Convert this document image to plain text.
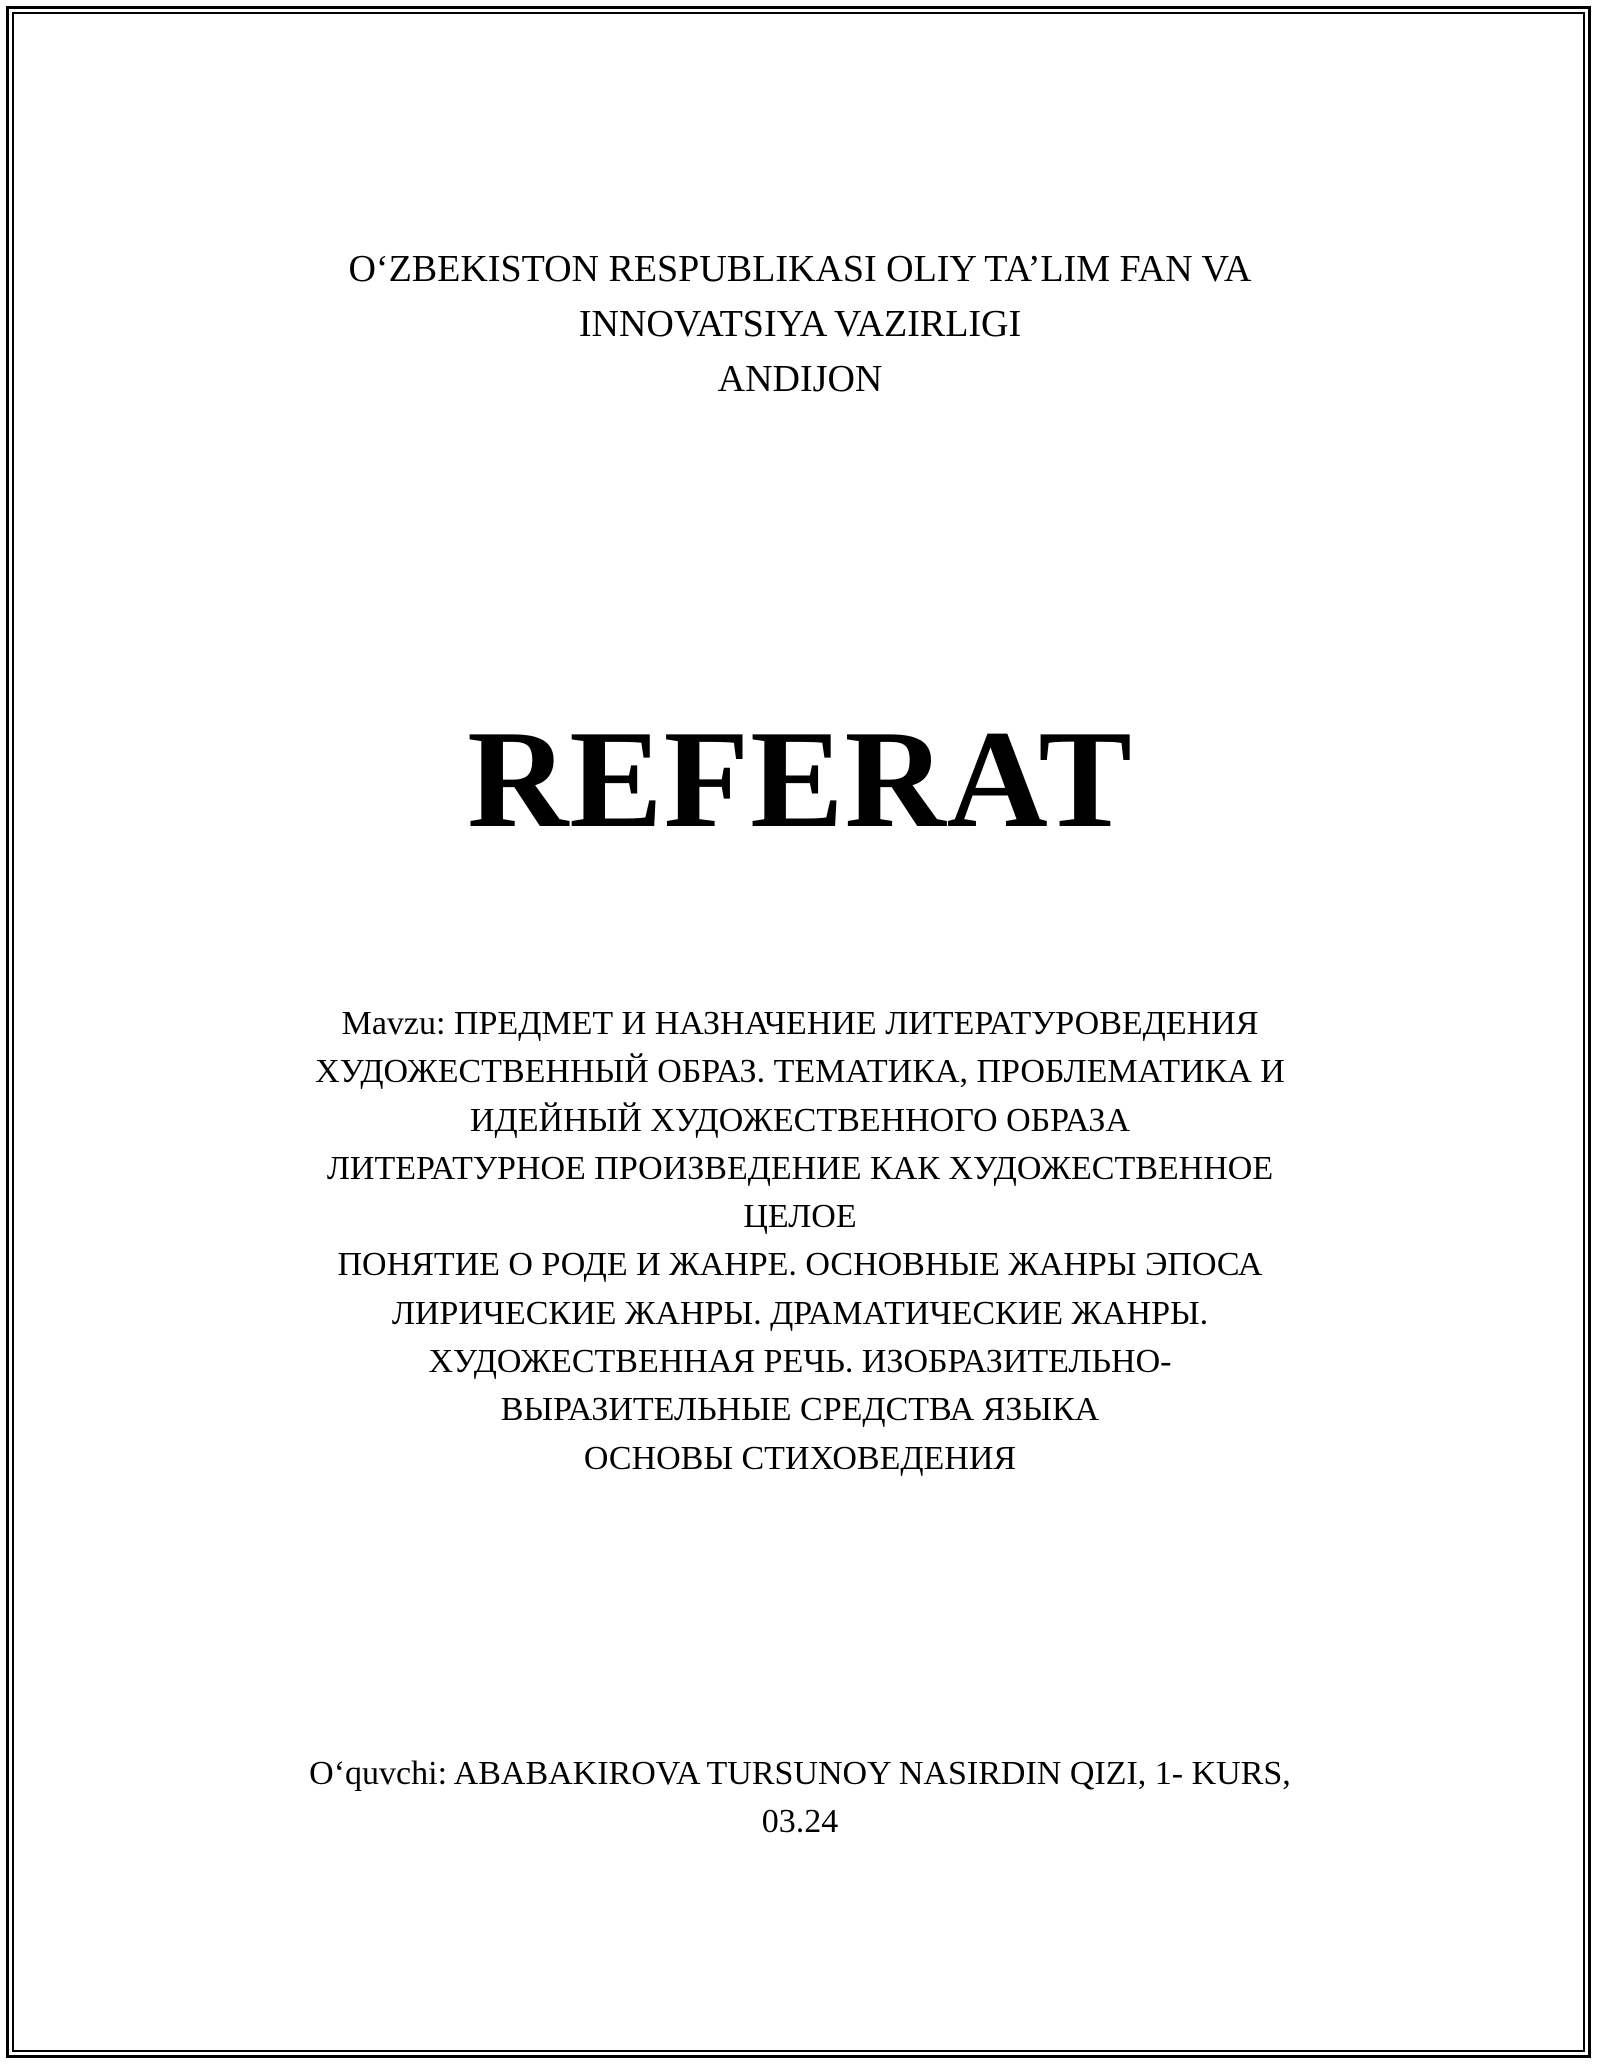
O‘ZBEKISTON RESPUBLIKASI OLIY TA’LIM FAN VA
INNOVATSIYA VAZIRLIGI
ANDIJON
REFERAT
Mavzu: ПРЕДМЕТ И НАЗНАЧЕНИЕ ЛИТЕРАТУРОВЕДЕНИЯ
ХУДОЖЕСТВЕННЫЙ ОБРАЗ. ТЕМАТИКА, ПРОБЛЕМАТИКА И
ИДЕЙНЫЙ ХУДОЖЕСТВЕННОГО ОБРАЗА
ЛИТЕРАТУРНОЕ ПРОИЗВЕДЕНИЕ КАК ХУДОЖЕСТВЕННОЕ
ЦЕЛОЕ
ПОНЯТИЕ О РОДЕ И ЖАНРЕ. ОСНОВНЫЕ ЖАНРЫ ЭПОСА
ЛИРИЧЕСКИЕ ЖАНРЫ. ДРАМАТИЧЕСКИЕ ЖАНРЫ.
ХУДОЖЕСТВЕННАЯ РЕЧЬ. ИЗОБРАЗИТЕЛЬНО-
ВЫРАЗИТЕЛЬНЫЕ СРЕДСТВА ЯЗЫКА
ОСНОВЫ СТИХОВЕДЕНИЯ
O‘quvchi: ABABAKIROVA TURSUNOY NASIRDIN QIZI, 1- KURS,
03.24
